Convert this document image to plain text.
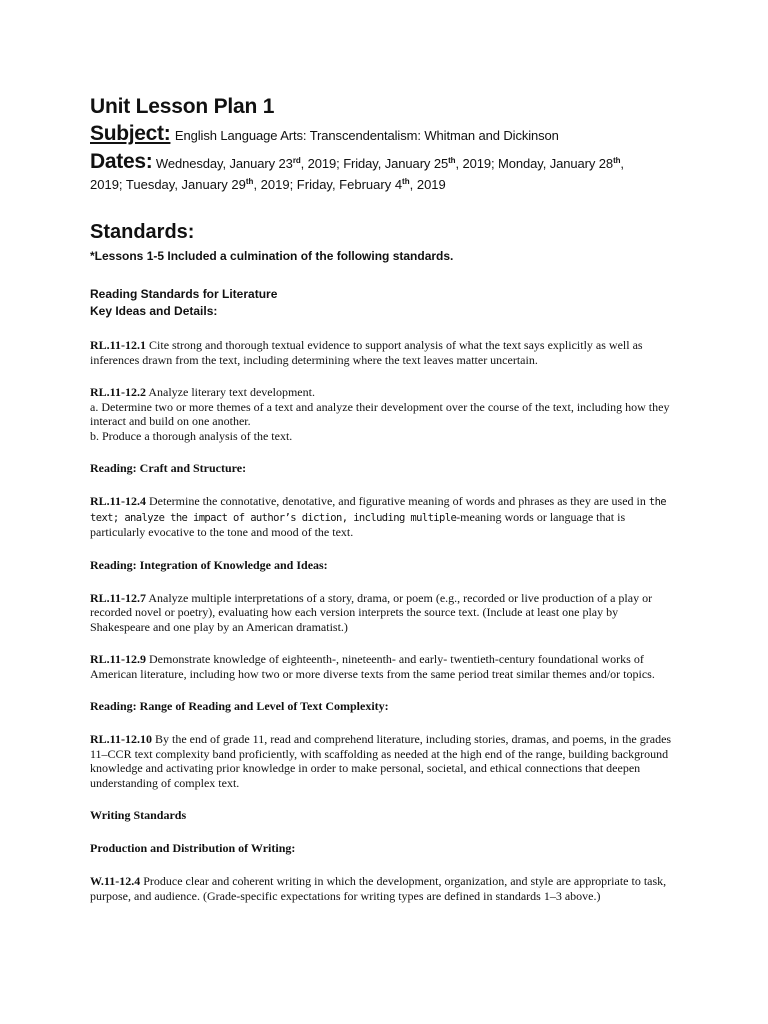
Unit Lesson Plan 1

Subject: English Language Arts: Transcendentalism: Whitman and Dickinson

Dates: Wednesday, January 23rd, 2019; Friday, January 25th, 2019; Monday, January 28th,

2019; Tuesday, January 29th, 2019; Friday, February 4th, 2019

Standards:

*Lessons 1-5 Included a culmination of the following standards.

Reading Standards for Literature

Key Ideas and Details:

RL.11-12.1 Cite strong and thorough textual evidence to support analysis of what the text says explicitly as well as inferences drawn from the text, including determining where the text leaves matter uncertain.

RL.11-12.2 Analyze literary text development.

a. Determine two or more themes of a text and analyze their development over the course of the text, including how they interact and build on one another.

b. Produce a thorough analysis of the text.

Reading: Craft and Structure:

RL.11-12.4 Determine the connotative, denotative, and figurative meaning of words and phrases as they are used in the text; analyze the impact of author’s diction, including multiple-meaning words or language that is particularly evocative to the tone and mood of the text.

Reading: Integration of Knowledge and Ideas:

RL.11-12.7 Analyze multiple interpretations of a story, drama, or poem (e.g., recorded or live production of a play or recorded novel or poetry), evaluating how each version interprets the source text. (Include at least one play by Shakespeare and one play by an American dramatist.)

RL.11-12.9 Demonstrate knowledge of eighteenth-, nineteenth- and early- twentieth-century foundational works of American literature, including how two or more diverse texts from the same period treat similar themes and/or topics.

Reading: Range of Reading and Level of Text Complexity:

RL.11-12.10 By the end of grade 11, read and comprehend literature, including stories, dramas, and poems, in the grades 11–CCR text complexity band proficiently, with scaffolding as needed at the high end of the range, building background knowledge and activating prior knowledge in order to make personal, societal, and ethical connections that deepen understanding of complex text.

Writing Standards

Production and Distribution of Writing:

W.11-12.4 Produce clear and coherent writing in which the development, organization, and style are appropriate to task, purpose, and audience. (Grade-specific expectations for writing types are defined in standards 1–3 above.)
